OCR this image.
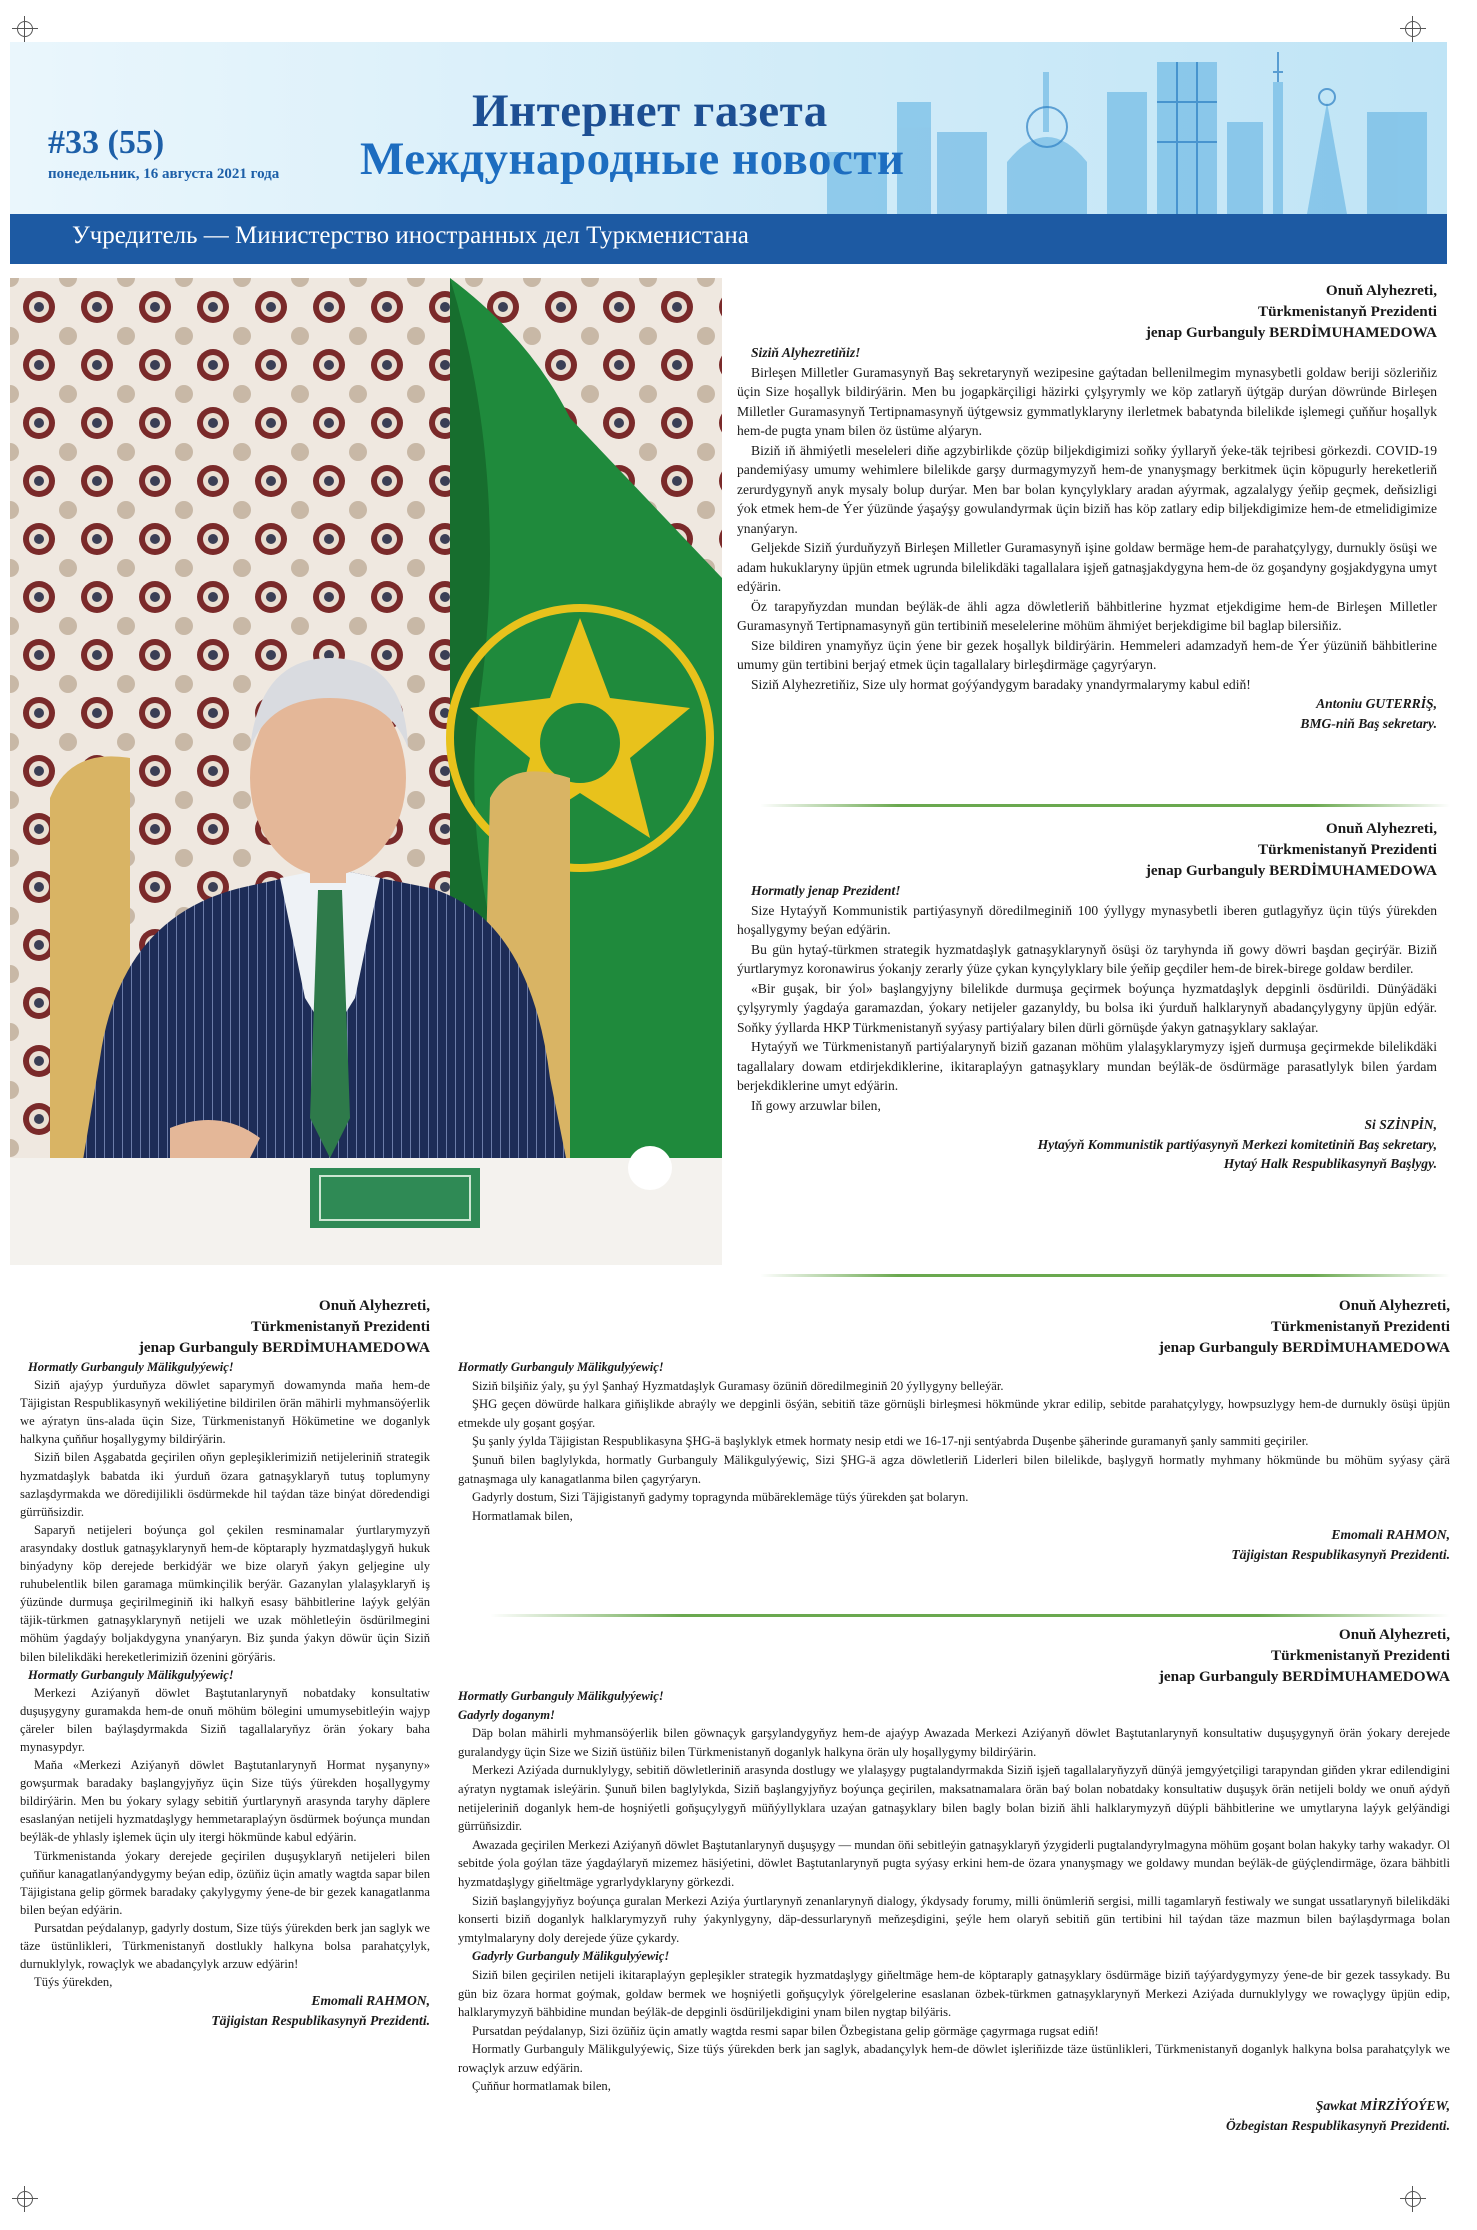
#33 (55)
понедельник, 16 августа 2021 года
Интернет газета
Международные новости
Учредитель — Министерство иностранных дел Туркменистана
Onuň Alyhezreti,
Türkmenistanyň Prezidenti
jenap Gurbanguly BERDİMUHAMEDOWA

Siziň Alyhezretiňiz!

Birleşen Milletler Guramasynyň Baş sekretarynyň wezipesine gaýtadan bellenilmegim mynasybetli goldaw beriji sözleriňiz üçin Size hoşallyk bildirýärin. Men bu jogapkärçiligi häzirki çylşyrymly we köp zatlaryň üýtgäp durýan döwründe Birleşen Milletler Guramasynyň Tertipnamasynyň üýtgewsiz gymmatlyklaryny ilerletmek babatynda bilelikde işlemegi çuňňur hoşallyk hem-de pugta ynam bilen öz üstüme alýaryn.

Biziň iň ähmiýetli meseleleri diňe agzybirlikde çözüp biljekdigimizi soňky ýyllaryň ýeke-täk tejribesi görkezdi. COVID-19 pandemiýasy umumy wehimlere bilelikde garşy durmagymyzyň hem-de ynanyşmagy berkitmek üçin köpugurly hereketleriň zerurdygynyň anyk mysaly bolup durýar. Men bar bolan kynçylyklary aradan aýyrmak, agzalalygy ýeňip geçmek, deňsizligi ýok etmek hem-de Ýer ýüzünde ýaşaýşy gowulandyrmak üçin biziň has köp zatlary edip biljekdigimize hem-de etmelidigimize ynanýaryn.

Geljekde Siziň ýurduňyzyň Birleşen Milletler Guramasynyň işine goldaw bermäge hem-de parahatçylygy, durnukly ösüşi we adam hukuklaryny üpjün etmek ugrunda bilelikdäki tagallalara işjeň gatnaşjakdygyna hem-de öz goşandyny goşjakdygyna umyt edýärin.

Öz tarapyňyzdan mundan beýläk-de ähli agza döwletleriň bähbitlerine hyzmat etjekdigime hem-de Birleşen Milletler Guramasynyň Tertipnamasynyň gün tertibiniň meselelerine möhüm ähmiýet berjekdigime bil baglap bilersiňiz.

Size bildiren ynamyňyz üçin ýene bir gezek hoşallyk bildirýärin. Hemmeleri adamzadyň hem-de Ýer ýüzüniň bähbitlerine umumy gün tertibini berjaý etmek üçin tagallalary birleşdirmäge çagyrýaryn.

Siziň Alyhezretiňiz, Size uly hormat goýýandygym baradaky ynandyrmalarymy kabul ediň!

Antoniu GUTERRİŞ,
BMG-niň Baş sekretary.
Onuň Alyhezreti,
Türkmenistanyň Prezidenti
jenap Gurbanguly BERDİMUHAMEDOWA

Hormatly jenap Prezident!

Size Hytaýyň Kommunistik partiýasynyň döredilmeginiň 100 ýyllygy mynasybetli iberen gutlagyňyz üçin tüýs ýürekden hoşallygymy beýan edýärin.

Bu gün hytaý-türkmen strategik hyzmatdaşlyk gatnaşyklarynyň ösüşi öz taryhynda iň gowy döwri başdan geçirýär. Biziň ýurtlarymyz koronawirus ýokanjy zerarly ýüze çykan kynçylyklary bile ýeňip geçdiler hem-de birek-birege goldaw berdiler.

«Bir guşak, bir ýol» başlangyjyny bilelikde durmuşa geçirmek boýunça hyzmatdaşlyk depginli ösdürildi. Dünýädäki çylşyrymly ýagdaýa garamazdan, ýokary netijeler gazanyldy, bu bolsa iki ýurduň halklarynyň abadançylygyny üpjün edýär. Soňky ýyllarda HKP Türkmenistanyň syýasy partiýalary bilen dürli görnüşde ýakyn gatnaşyklary saklaýar.

Hytaýyň we Türkmenistanyň partiýalarynyň biziň gazanan möhüm ylalaşyklarymyzy işjeň durmuşa geçirmekde bilelikdäki tagallalary dowam etdirjekdiklerine, ikitaraplaýyn gatnaşyklary mundan beýläk-de ösdürmäge parasatlylyk bilen ýardam berjekdiklerine umyt edýärin.

Iň gowy arzuwlar bilen,

Si SZİNPİN,
Hytaýyň Kommunistik partiýasynyň Merkezi komitetiniň Baş sekretary,
Hytaý Halk Respublikasynyň Başlygy.
Onuň Alyhezreti,
Türkmenistanyň Prezidenti
jenap Gurbanguly BERDİMUHAMEDOWA

Hormatly Gurbanguly Mälikgulyýewiç!

Siziň ajaýyp ýurduňyza döwlet saparymyň dowamynda maňa hem-de Täjigistan Respublikasynyň wekiliýetine bildirilen örän mähirli myhmansöýerlik we aýratyn üns-alada üçin Size, Türkmenistanyň Hökümetine we doganlyk halkyna çuňňur hoşallygymy bildirýärin.

Siziň bilen Aşgabatda geçirilen oňyn gepleşiklerimiziň netijeleriniň strategik hyzmatdaşlyk babatda iki ýurduň özara gatnaşyklaryň tutuş toplumyny sazlaşdyrmakda we döredijilikli ösdürmekde hil taýdan täze binýat döredendigi gürrüňsizdir.

Saparyň netijeleri boýunça gol çekilen resminamalar ýurtlarymyzyň arasyndaky dostluk gatnaşyklarynyň hem-de köptaraply hyzmatdaşlygyň hukuk binýadyny köp derejede berkidýär we bize olaryň ýakyn geljegine uly ruhubelentlik bilen garamaga mümkinçilik berýär. Gazanylan ylalaşyklaryň iş ýüzünde durmuşa geçirilmeginiň iki halkyň esasy bähbitlerine laýyk gelýän täjik-türkmen gatnaşyklarynyň netijeli we uzak möhletleýin ösdürilmegini möhüm ýagdaýy boljakdygyna ynanýaryn. Biz şunda ýakyn döwür üçin Siziň bilen bilelikdäki hereketlerimiziň özenini görýäris.

Hormatly Gurbanguly Mälikgulyýewiç!

Merkezi Aziýanyň döwlet Baştutanlarynyň nobatdaky konsultatiw duşuşygyny guramakda hem-de onuň möhüm bölegini umumysebitleýin wajyp çäreler bilen baýlaşdyrmakda Siziň tagallalaryňyz örän ýokary baha mynasypdyr.

Maňa «Merkezi Aziýanyň döwlet Baştutanlarynyň Hormat nyşanyny» gowşurmak baradaky başlangyjyňyz üçin Size tüýs ýürekden hoşallygymy bildirýärin. Men bu ýokary sylagy sebitiň ýurtlarynyň arasynda taryhy däplere esaslanýan netijeli hyzmatdaşlygy hemmetaraplaýyn ösdürmek boýunça mundan beýläk-de yhlasly işlemek üçin uly itergi hökmünde kabul edýärin.

Türkmenistanda ýokary derejede geçirilen duşuşyklaryň netijeleri bilen çuňňur kanagatlanýandygymy beýan edip, özüňiz üçin amatly wagtda sapar bilen Täjigistana gelip görmek baradaky çakylygymy ýene-de bir gezek kanagatlanma bilen beýan edýärin.

Pursatdan peýdalanyp, gadyrly dostum, Size tüýs ýürekden berk jan saglyk we täze üstünlikleri, Türkmenistanyň dostlukly halkyna bolsa parahatçylyk, durnuklylyk, rowaçlyk we abadançylyk arzuw edýärin!

Tüýs ýürekden,

Emomali RAHMON,
Täjigistan Respublikasynyň Prezidenti.
Onuň Alyhezreti,
Türkmenistanyň Prezidenti
jenap Gurbanguly BERDİMUHAMEDOWA

Hormatly Gurbanguly Mälikgulyýewiç!

Siziň bilşiňiz ýaly, şu ýyl Şanhaý Hyzmatdaşlyk Guramasy özüniň döredilmeginiň 20 ýyllygyny belleýär.

ŞHG geçen döwürde halkara giňişlikde abraýly we depginli ösýän, sebitiň täze görnüşli birleşmesi hökmünde ykrar edilip, sebitde parahatçylygy, howpsuzlygy hem-de durnukly ösüşi üpjün etmekde uly goşant goşýar.

Şu şanly ýylda Täjigistan Respublikasyna ŞHG-ä başlyklyk etmek hormaty nesip etdi we 16-17-nji sentýabrda Duşenbe şäherinde guramanyň şanly sammiti geçiriler.

Şunuň bilen baglylykda, hormatly Gurbanguly Mälikgulyýewiç, Sizi ŞHG-ä agza döwletleriň Liderleri bilen bilelikde, başlygyň hormatly myhmany hökmünde bu möhüm syýasy çärä gatnaşmaga uly kanagatlanma bilen çagyrýaryn.

Gadyrly dostum, Sizi Täjigistanyň gadymy topragynda mübäreklemäge tüýs ýürekden şat bolaryn.

Hormatlamak bilen,

Emomali RAHMON,
Täjigistan Respublikasynyň Prezidenti.
Onuň Alyhezreti,
Türkmenistanyň Prezidenti
jenap Gurbanguly BERDİMUHAMEDOWA

Hormatly Gurbanguly Mälikgulyýewiç!

Gadyrly doganym!

Däp bolan mähirli myhmansöýerlik bilen göwnaçyk garşylandygyňyz hem-de ajaýyp Awazada Merkezi Aziýanyň döwlet Baştutanlarynyň konsultatiw duşuşygynyň örän ýokary derejede guralandygy üçin Size we Siziň üstüňiz bilen Türkmenistanyň doganlyk halkyna örän uly hoşallygymy bildirýärin.

Merkezi Aziýada durnuklylygy, sebitiň döwletleriniň arasynda dostlugy we ylalaşygy pugtalandyrmakda Siziň işjeň tagallalaryňyzyň dünýä jemgyýetçiligi tarapyndan giňden ykrar edilendigini aýratyn nygtamak isleýärin. Şunuň bilen baglylykda, Siziň başlangyjyňyz boýunça geçirilen, maksatnamalara örän baý bolan nobatdaky konsultatiw duşuşyk örän netijeli boldy we onuň aýdyň netijeleriniň doganlyk hem-de hoşniýetli goňşuçylygyň müňýyllyklara uzaýan gatnaşyklary bilen bagly bolan biziň ähli halklarymyzyň düýpli bähbitlerine we umytlaryna laýyk gelýändigi gürrüňsizdir.

Awazada geçirilen Merkezi Aziýanyň döwlet Baştutanlarynyň duşuşygy — mundan öňi sebitleýin gatnaşyklaryň ýzygiderli pugtalandyrylmagyna möhüm goşant bolan hakyky tarhy wakadyr. Ol sebitde ýola goýlan täze ýagdaýlaryň mizemez häsiýetini, döwlet Baştutanlarynyň pugta syýasy erkini hem-de özara ynanyşmagy we goldawy mundan beýläk-de güýçlendirmäge, özara bähbitli hyzmatdaşlygy giňeltmäge ygrarlydyklaryny görkezdi.

Siziň başlangyjyňyz boýunça guralan Merkezi Aziýa ýurtlarynyň zenanlarynyň dialogy, ýkdysady forumy, milli önümleriň sergisi, milli tagamlaryň festiwaly we sungat ussatlarynyň bilelikdäki konserti biziň doganlyk halklarymyzyň ruhy ýakynlygyny, däp-dessurlarynyň meňzeşdigini, şeýle hem olaryň sebitiň gün tertibini hil taýdan täze mazmun bilen baýlaşdyrmaga bolan ymtylmalaryny doly derejede ýüze çykardy.

Gadyrly Gurbanguly Mälikgulyýewiç!

Siziň bilen geçirilen netijeli ikitaraplaýyn gepleşikler strategik hyzmatdaşlygy giňeltmäge hem-de köptaraply gatnaşyklary ösdürmäge biziň taýýardygymyzy ýene-de bir gezek tassykady. Bu gün biz özara hormat goýmak, goldaw bermek we hoşniýetli goňşuçylyk ýörelgelerine esaslanan özbek-türkmen gatnaşyklarynyň Merkezi Aziýada durnuklylygy we rowaçlygy üpjün edip, halklarymyzyň bähbidine mundan beýläk-de depginli ösdüriljekdigini ynam bilen nygtap bilýäris.

Pursatdan peýdalanyp, Sizi özüňiz üçin amatly wagtda resmi sapar bilen Özbegistana gelip görmäge çagyrmaga rugsat ediň!

Hormatly Gurbanguly Mälikgulyýewiç, Size tüýs ýürekden berk jan saglyk, abadançylyk hem-de döwlet işleriňizde täze üstünlikleri, Türkmenistanyň doganlyk halkyna bolsa parahatçylyk we rowaçlyk arzuw edýärin.

Çuňňur hormatlamak bilen,

Şawkat MİRZİÝOÝEW,
Özbegistan Respublikasynyň Prezidenti.
